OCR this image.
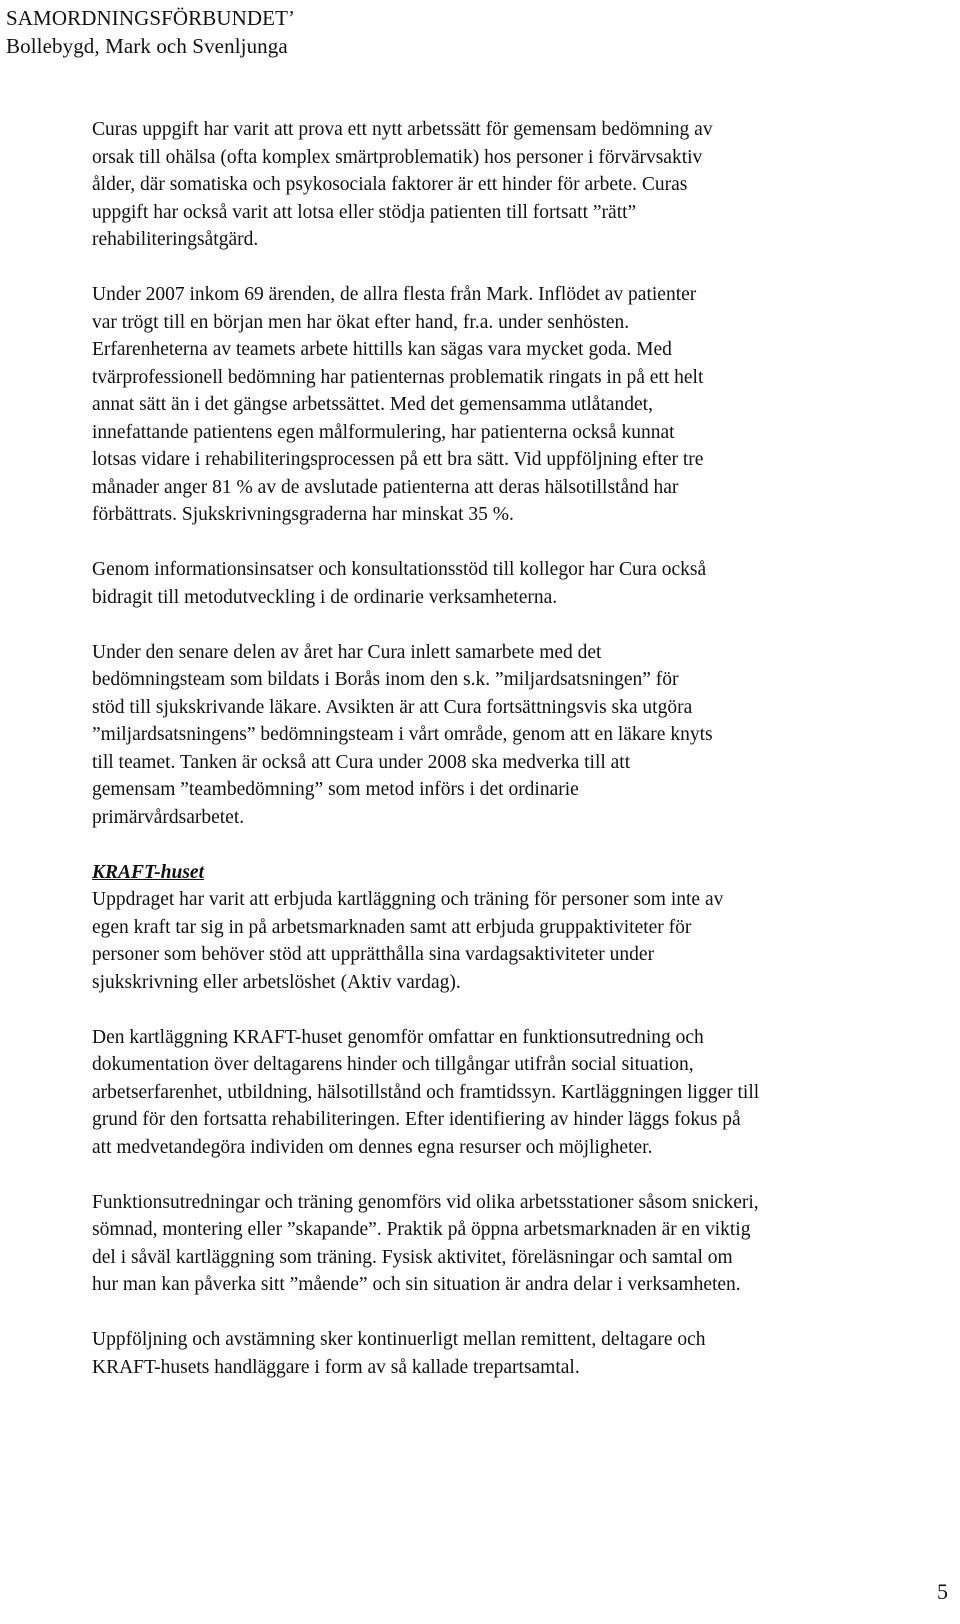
SAMORDNINGSFÖRBUNDET’
Bollebygd, Mark och Svenljunga
Curas uppgift har varit att prova ett nytt arbetssätt för gemensam bedömning av
orsak till ohälsa (ofta komplex smärtproblematik) hos personer i förvärvsaktiv
ålder, där somatiska och psykosociala faktorer är ett hinder för arbete. Curas
uppgift har också varit att lotsa eller stödja patienten till fortsatt ”rätt”
rehabiliteringsåtgärd.
Under 2007 inkom 69 ärenden, de allra flesta från Mark. Inflödet av patienter
var trögt till en början men har ökat efter hand, fr.a. under senhösten.
Erfarenheterna av teamets arbete hittills kan sägas vara mycket goda. Med
tvärprofessionell bedömning har patienternas problematik ringats in på ett helt
annat sätt än i det gängse arbetssättet. Med det gemensamma utlåtandet,
innefattande patientens egen målformulering, har patienterna också kunnat
lotsas vidare i rehabiliteringsprocessen på ett bra sätt. Vid uppföljning efter tre
månader anger 81 % av de avslutade patienterna att deras hälsotillstånd har
förbättrats. Sjukskrivningsgraderna har minskat 35 %.
Genom informationsinsatser och konsultationsstöd till kollegor har Cura också
bidragit till metodutveckling i de ordinarie verksamheterna.
Under den senare delen av året har Cura inlett samarbete med det
bedömningsteam som bildats i Borås inom den s.k. ”miljardsatsningen” för
stöd till sjukskrivande läkare. Avsikten är att Cura fortsättningsvis ska utgöra
”miljardsatsningens” bedömningsteam i vårt område, genom att en läkare knyts
till teamet. Tanken är också att Cura under 2008 ska medverka till att
gemensam ”teambedömning” som metod införs i det ordinarie
primärvårdsarbetet.
KRAFT-huset
Uppdraget har varit att erbjuda kartläggning och träning för personer som inte av
egen kraft tar sig in på arbetsmarknaden samt att erbjuda gruppaktiviteter för
personer som behöver stöd att upprätthålla sina vardagsaktiviteter under
sjukskrivning eller arbetslöshet (Aktiv vardag).
Den kartläggning KRAFT-huset genomför omfattar en funktionsutredning och
dokumentation över deltagarens hinder och tillgångar utifrån social situation,
arbetserfarenhet, utbildning, hälsotillstånd och framtidssyn. Kartläggningen ligger till
grund för den fortsatta rehabiliteringen. Efter identifiering av hinder läggs fokus på
att medvetandegöra individen om dennes egna resurser och möjligheter.
Funktionsutredningar och träning genomförs vid olika arbetsstationer såsom snickeri,
sömnad, montering eller ”skapande”. Praktik på öppna arbetsmarknaden är en viktig
del i såväl kartläggning som träning. Fysisk aktivitet, föreläsningar och samtal om
hur man kan påverka sitt ”mående” och sin situation är andra delar i verksamheten.
Uppföljning och avstämning sker kontinuerligt mellan remittent, deltagare och
KRAFT-husets handläggare i form av så kallade trepartsamtal.
5
